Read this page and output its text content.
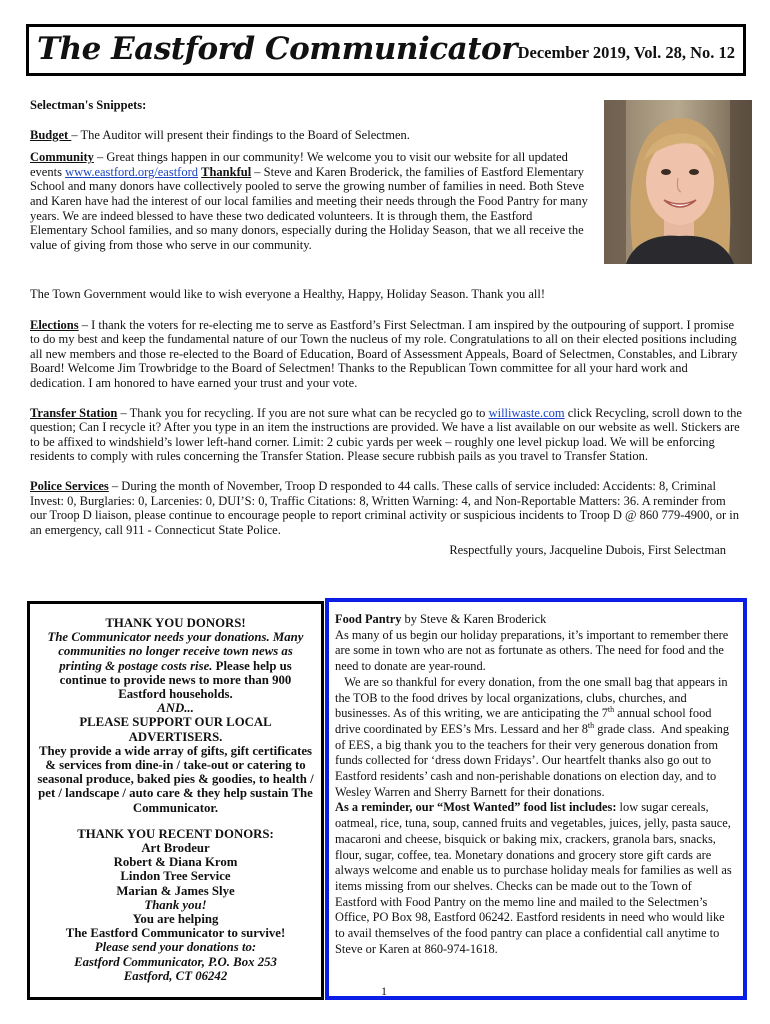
The Eastford Communicator December 2019, Vol. 28, No. 12

Selectman's Snippets:

Budget – The Auditor will present their findings to the Board of Selectmen.

Community – Great things happen in our community! We welcome you to visit our website for all updated events www.eastford.org/eastford Thankful – Steve and Karen Broderick, the families of Eastford Elementary School and many donors have collectively pooled to serve the growing number of families in need. Both Steve and Karen have had the interest of our local families and meeting their needs through the Food Pantry for many years. We are indeed blessed to have these two dedicated volunteers. It is through them, the Eastford Elementary School families, and so many donors, especially during the Holiday Season, that we all receive the value of giving from those who serve in our community.

The Town Government would like to wish everyone a Healthy, Happy, Holiday Season. Thank you all!

Elections – I thank the voters for re-electing me to serve as Eastford’s First Selectman. I am inspired by the outpouring of support. I promise to do my best and keep the fundamental nature of our Town the nucleus of my role. Congratulations to all on their elected positions including all new members and those re-elected to the Board of Education, Board of Assessment Appeals, Board of Selectmen, Constables, and Library Board! Welcome Jim Trowbridge to the Board of Selectmen! Thanks to the Republican Town committee for all your hard work and dedication. I am honored to have earned your trust and your vote.

Transfer Station – Thank you for recycling. If you are not sure what can be recycled go to williwaste.com click Recycling, scroll down to the question; Can I recycle it? After you type in an item the instructions are provided. We have a list available on our website as well. Stickers are to be affixed to windshield’s lower left-hand corner. Limit: 2 cubic yards per week – roughly one level pickup load. We will be enforcing residents to comply with rules concerning the Transfer Station. Please secure rubbish pails as you travel to Transfer Station.

Police Services – During the month of November, Troop D responded to 44 calls. These calls of service included: Accidents: 8, Criminal Invest: 0, Burglaries: 0, Larcenies: 0, DUI’S: 0, Traffic Citations: 8, Written Warning: 4, and Non-Reportable Matters: 36. A reminder from our Troop D liaison, please continue to encourage people to report criminal activity or suspicious incidents to Troop D @ 860 779-4900, or in an emergency, call 911 - Connecticut State Police.

Respectfully yours, Jacqueline Dubois, First Selectman

THANK YOU DONORS!
The Communicator needs your donations. Many communities no longer receive town news as printing & postage costs rise. Please help us continue to provide news to more than 900 Eastford households.
AND...
PLEASE SUPPORT OUR LOCAL ADVERTISERS.
They provide a wide array of gifts, gift certificates & services from dine-in / take-out or catering to seasonal produce, baked pies & goodies, to health / pet / landscape / auto care & they help sustain The Communicator.
THANK YOU RECENT DONORS:
Art Brodeur
Robert & Diana Krom
Lindon Tree Service
Marian & James Slye
Thank you!
You are helping
The Eastford Communicator to survive!
Please send your donations to:
Eastford Communicator, P.O. Box 253
Eastford, CT 06242

Food Pantry by Steve & Karen Broderick

As many of us begin our holiday preparations, it’s important to remember there are some in town who are not as fortunate as others. The need for food and the need to donate are year-round.

We are so thankful for every donation, from the one small bag that appears in the TOB to the food drives by local organizations, clubs, churches, and businesses. As of this writing, we are anticipating the 7th annual school food drive coordinated by EES’s Mrs. Lessard and her 8th grade class.  And speaking of EES, a big thank you to the teachers for their very generous donation from funds collected for ‘dress down Fridays’. Our heartfelt thanks also go out to Eastford residents’ cash and non-perishable donations on election day, and to Wesley Warren and Sherry Barnett for their donations.

As a reminder, our “Most Wanted” food list includes: low sugar cereals, oatmeal, rice, tuna, soup, canned fruits and vegetables, juices, jelly, pasta sauce, macaroni and cheese, bisquick or baking mix, crackers, granola bars, snacks, flour, sugar, coffee, tea. Monetary donations and grocery store gift cards are always welcome and enable us to purchase holiday meals for families as well as items missing from our shelves. Checks can be made out to the Town of Eastford with Food Pantry on the memo line and mailed to the Selectmen’s Office, PO Box 98, Eastford 06242. Eastford residents in need who would like to avail themselves of the food pantry can place a confidential call anytime to Steve or Karen at 860-974-1618.

1
